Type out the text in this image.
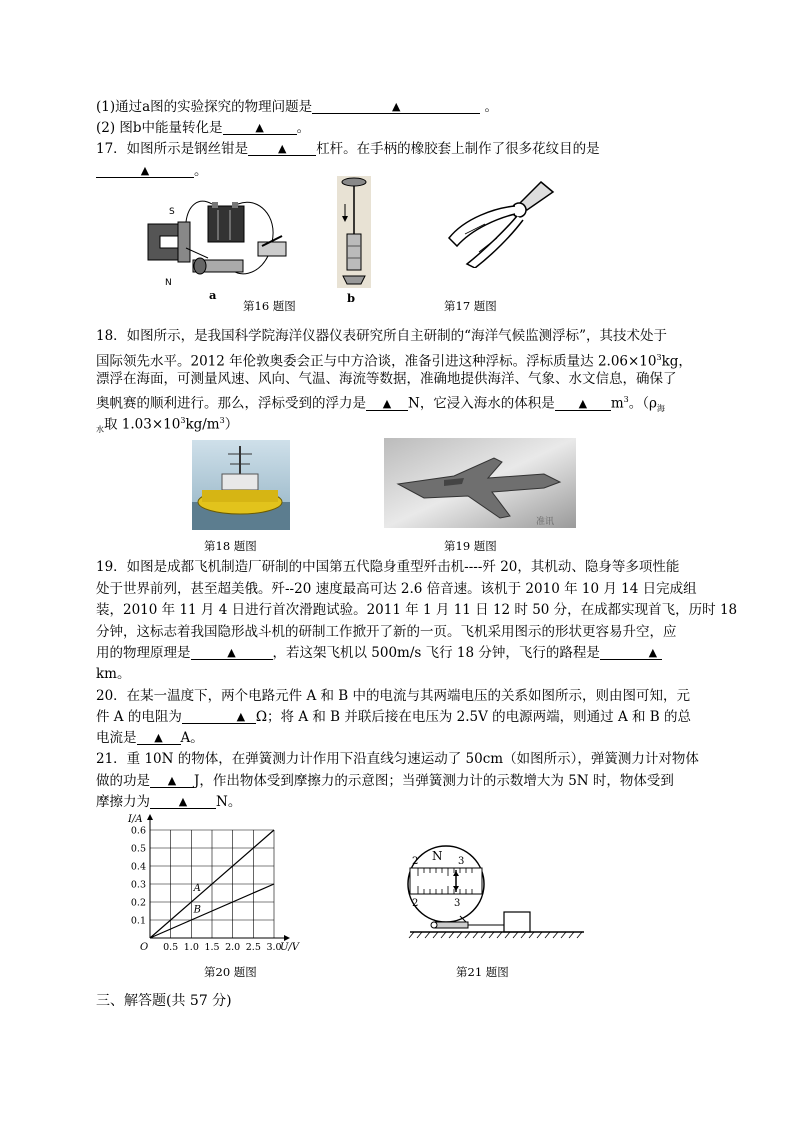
(1)通过a图的实验探究的物理问题是	▲	。
(2) 图b中能量转化是	▲ 。
17．如图所示是钢丝钳是	▲ 杠杆。在手柄的橡胶套上制作了很多花纹目的是
▲	。
S
N
a	b
第16 题图	第17 题图
18．如图所示，是我国科学院海洋仪器仪表研究所自主研制的“海洋气候监测浮标”，其技术处于
国际领先水平。2012 年伦敦奥委会正与中方洽谈，准备引进这种浮标。浮标质量达 $2.06\times 10^3kg$，
漂浮在海面，可测量风速、风向、气温、海流等数据，准确地提供海洋、气象、水文信息，确保了
奥帆赛的顺利进行。那么，浮标受到的浮力是 ▲ N，它浸入海水的体积是 ▲ $m^3$。（$\rho_海$
$_水$取 $1.03\times 10^3kg/m^3$）
准讯
第18 题图	第19 题图
19．如图是成都飞机制造厂研制的中国第五代隐身重型歼击机----歼 20，其机动、隐身等多项性能
处于世界前列，甚至超美俄。歼--20 速度最高可达 2.6 倍音速。该机于 2010 年 10 月 14 日完成组
装，2010 年 11 月 4 日进行首次滑跑试验。2011 年 1 月 11 日 12 时 50 分，在成都实现首飞，历时 18
分钟，这标志着我国隐形战斗机的研制工作掀开了新的一页。飞机采用图示的形状更容易升空，应
用的物理原理是	▲	，若这架飞机以 500m/s 飞行 18 分钟，飞行的路程是	▲
km。
20．在某一温度下，两个电路元件 A 和 B 中的电流与其两端电压的关系如图所示，则由图可知，元
件 A 的电阻为	▲ Ω；将 A 和 B 并联后接在电压为 2.5V 的电源两端，则通过 A 和 B 的总
电流是 ▲ A。
21．重 10N 的物体，在弹簧测力计作用下沿直线匀速运动了 50cm（如图所示），弹簧测力计对物体
做的功是 ▲ J，作出物体受到摩擦力的示意图；当弹簧测力计的示数增大为 5N 时，物体受到
摩擦力为	▲ N。
0.5 1.0 1.5 2.0 2.5 3.0
0.1
0.2
0.3
0.4
0.5
0.6
A
B
I/A
U/V
O
N
2	3
2	3
第20 题图	第21 题图
三、解答题(共 57 分)
